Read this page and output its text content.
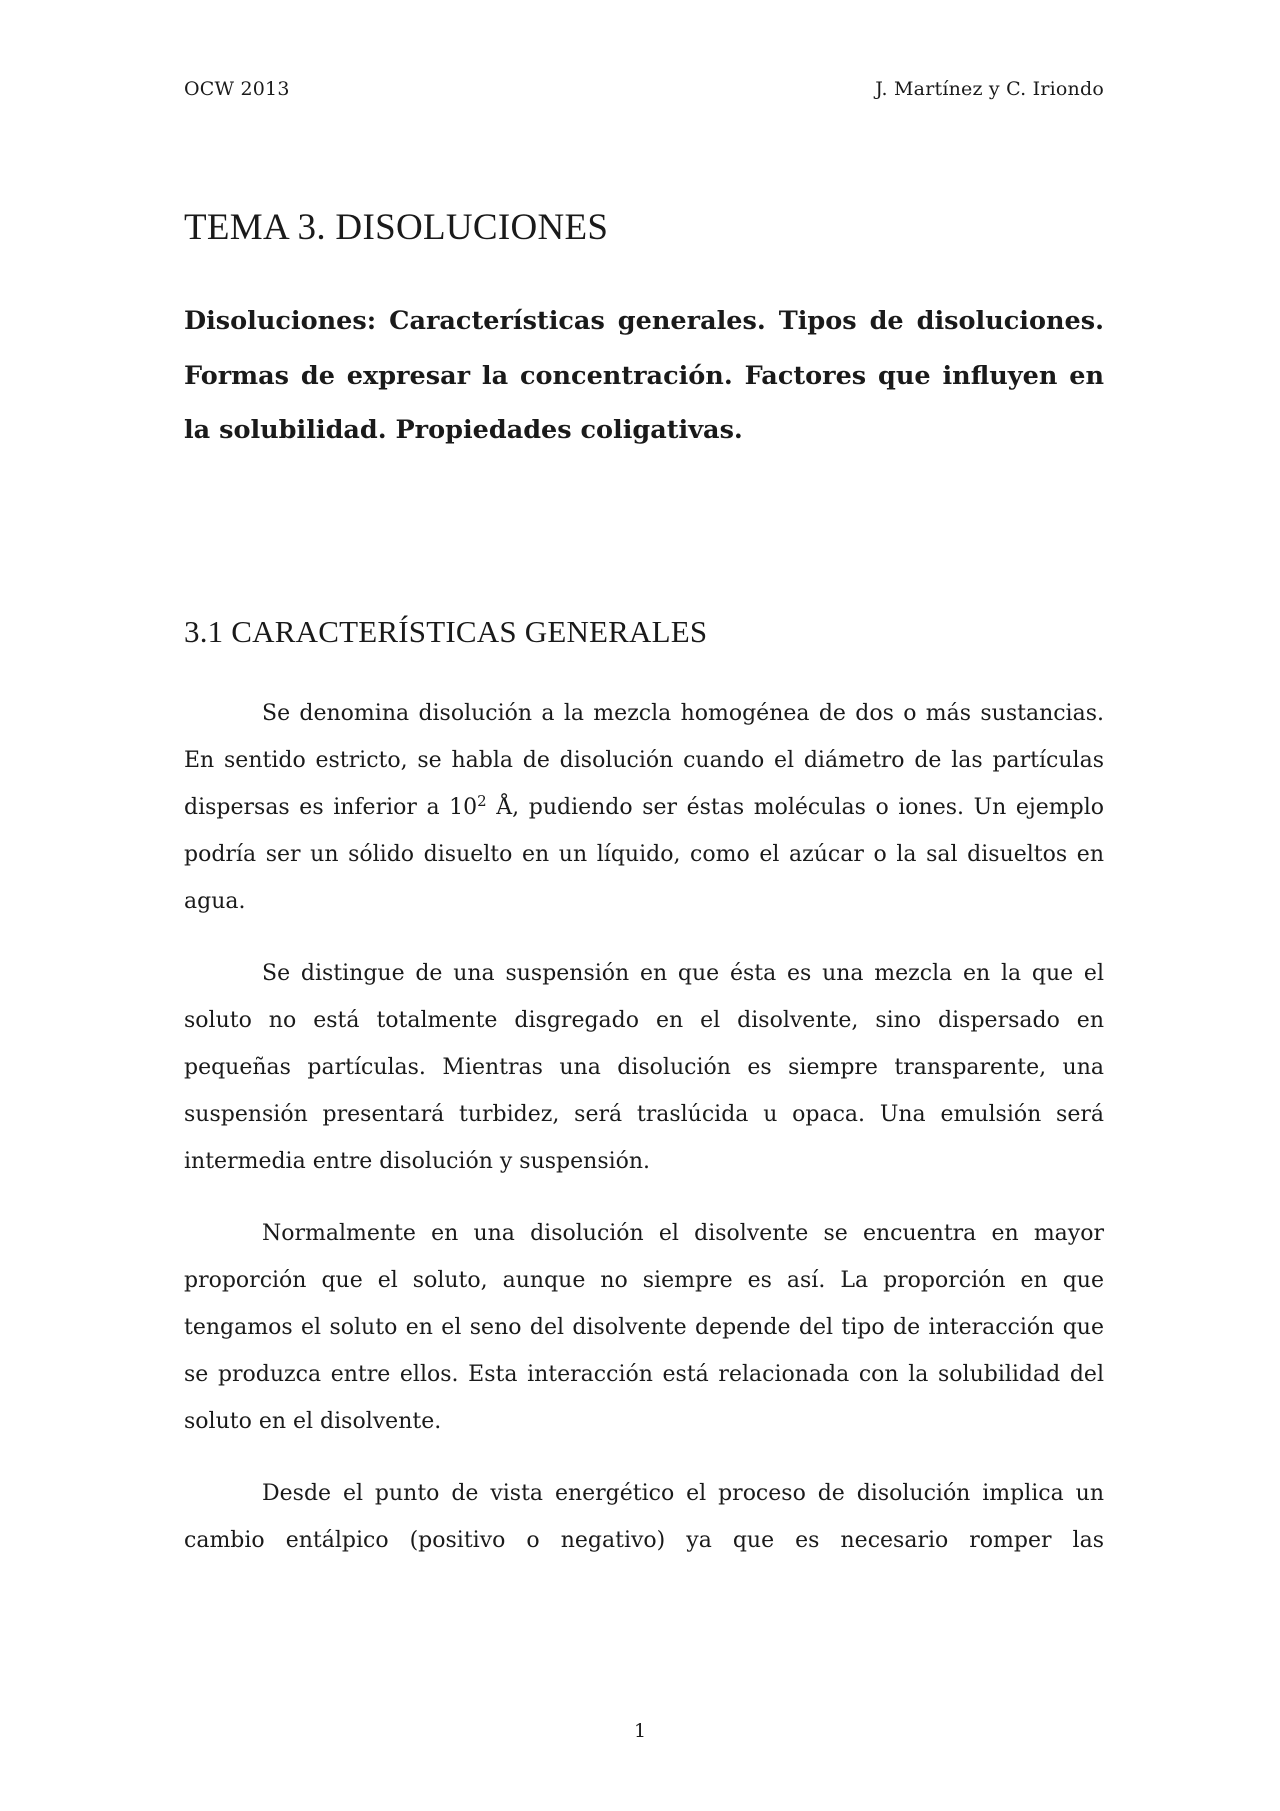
OCW 2013	J. Martínez y C. Iriondo
TEMA 3. DISOLUCIONES

Disoluciones: Características generales. Tipos de disoluciones. Formas de expresar la concentración. Factores que influyen en la solubilidad. Propiedades coligativas.

3.1 CARACTERÍSTICAS GENERALES

Se denomina disolución a la mezcla homogénea de dos o más sustancias. En sentido estricto, se habla de disolución cuando el diámetro de las partículas dispersas es inferior a $10^2$ Å, pudiendo ser éstas moléculas o iones. Un ejemplo podría ser un sólido disuelto en un líquido, como el azúcar o la sal disueltos en agua.

Se distingue de una suspensión en que ésta es una mezcla en la que el soluto no está totalmente disgregado en el disolvente, sino dispersado en pequeñas partículas. Mientras una disolución es siempre transparente, una suspensión presentará turbidez, será traslúcida u opaca. Una emulsión será intermedia entre disolución y suspensión.

Normalmente en una disolución el disolvente se encuentra en mayor proporción que el soluto, aunque no siempre es así. La proporción en que tengamos el soluto en el seno del disolvente depende del tipo de interacción que se produzca entre ellos. Esta interacción está relacionada con la solubilidad del soluto en el disolvente.

Desde el punto de vista energético el proceso de disolución implica un

cambio entálpico (positivo o negativo) ya que es necesario romper las

1
